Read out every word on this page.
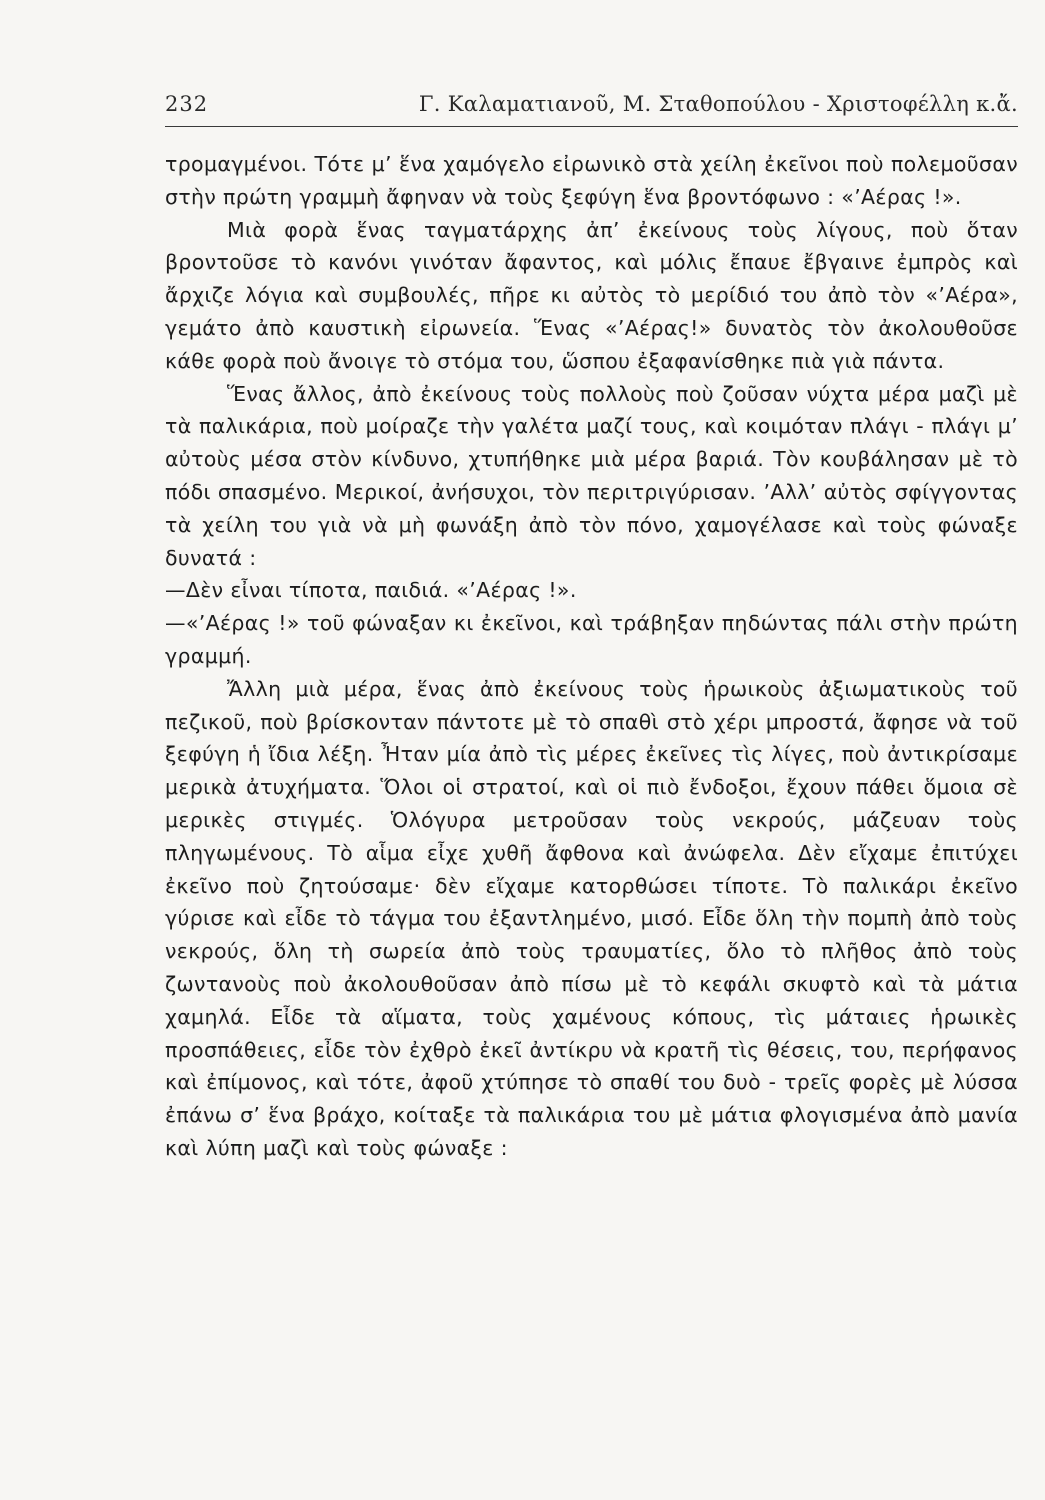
232	Γ. Καλαματιανοῦ, Μ. Σταθοπούλου - Χριστοφέλλη κ.ἄ.

τρομαγμένοι. Τότε μ’ ἕνα χαμόγελο εἰρωνικὸ στὰ χείλη ἐκεῖνοι ποὺ πολεμοῦσαν στὴν πρώτη γραμμὴ ἄφηναν νὰ τοὺς ξεφύγη ἕνα βροντόφωνο : «’Αέρας !».

Μιὰ φορὰ ἕνας ταγματάρχης ἀπ’ ἐκείνους τοὺς λίγους, ποὺ ὅταν βροντοῦσε τὸ κανόνι γινόταν ἄφαντος, καὶ μόλις ἔπαυε ἔβγαινε ἐμπρὸς καὶ ἄρχιζε λόγια καὶ συμβουλές, πῆρε κι αὐτὸς τὸ μερίδιό του ἀπὸ τὸν «’Αέρα», γεμάτο ἀπὸ καυστικὴ εἰρωνεία. Ἕνας «’Αέρας!» δυνατὸς τὸν ἀκολουθοῦσε κάθε φορὰ ποὺ ἄνοιγε τὸ στόμα του, ὥσπου ἐξαφανίσθηκε πιὰ γιὰ πάντα.

Ἕνας ἄλλος, ἀπὸ ἐκείνους τοὺς πολλοὺς ποὺ ζοῦσαν νύχτα μέρα μαζὶ μὲ τὰ παλικάρια, ποὺ μοίραζε τὴν γαλέτα μαζί τους, καὶ κοιμόταν πλάγι - πλάγι μ’ αὐτοὺς μέσα στὸν κίνδυνο, χτυπήθηκε μιὰ μέρα βαριά. Τὸν κουβάλησαν μὲ τὸ πόδι σπασμένο. Μερικοί, ἀνήσυχοι, τὸν περιτριγύρισαν. ’Αλλ’ αὐτὸς σφίγγοντας τὰ χείλη του γιὰ νὰ μὴ φωνάξη ἀπὸ τὸν πόνο, χαμογέλασε καὶ τοὺς φώναξε δυνατά :

—Δὲν εἶναι τίποτα, παιδιά. «’Αέρας !».

—«’Αέρας !» τοῦ φώναξαν κι ἐκεῖνοι, καὶ τράβηξαν πηδώντας πάλι στὴν πρώτη γραμμή.

Ἄλλη μιὰ μέρα, ἕνας ἀπὸ ἐκείνους τοὺς ἡρωικοὺς ἀξιωματικοὺς τοῦ πεζικοῦ, ποὺ βρίσκονταν πάντοτε μὲ τὸ σπαθὶ στὸ χέρι μπροστά, ἄφησε νὰ τοῦ ξεφύγη ἡ ἴδια λέξη. Ἦταν μία ἀπὸ τὶς μέρες ἐκεῖνες τὶς λίγες, ποὺ ἀντικρίσαμε μερικὰ ἀτυχήματα. Ὅλοι οἱ στρατοί, καὶ οἱ πιὸ ἔνδοξοι, ἔχουν πάθει ὅμοια σὲ μερικὲς στιγμές. Ὁλόγυρα μετροῦσαν τοὺς νεκρούς, μάζευαν τοὺς πληγωμένους. Τὸ αἷμα εἶχε χυθῆ ἄφθονα καὶ ἀνώφελα. Δὲν εἴχαμε ἐπιτύχει ἐκεῖνο ποὺ ζητούσαμε· δὲν εἴχαμε κατορθώσει τίποτε. Τὸ παλικάρι ἐκεῖνο γύρισε καὶ εἶδε τὸ τάγμα του ἐξαντλημένο, μισό. Εἶδε ὅλη τὴν πομπὴ ἀπὸ τοὺς νεκρούς, ὅλη τὴ σωρεία ἀπὸ τοὺς τραυματίες, ὅλο τὸ πλῆθος ἀπὸ τοὺς ζωντανοὺς ποὺ ἀκολουθοῦσαν ἀπὸ πίσω μὲ τὸ κεφάλι σκυφτὸ καὶ τὰ μάτια χαμηλά. Εἶδε τὰ αἵματα, τοὺς χαμένους κόπους, τὶς μάταιες ἡρωικὲς προσπάθειες, εἶδε τὸν ἐχθρὸ ἐκεῖ ἀντίκρυ νὰ κρατῆ τὶς θέσεις, του, περήφανος καὶ ἐπίμονος, καὶ τότε, ἀφοῦ χτύπησε τὸ σπαθί του δυὸ - τρεῖς φορὲς μὲ λύσσα ἐπάνω σ’ ἕνα βράχο, κοίταξε τὰ παλικάρια του μὲ μάτια φλογισμένα ἀπὸ μανία καὶ λύπη μαζὶ καὶ τοὺς φώναξε :
